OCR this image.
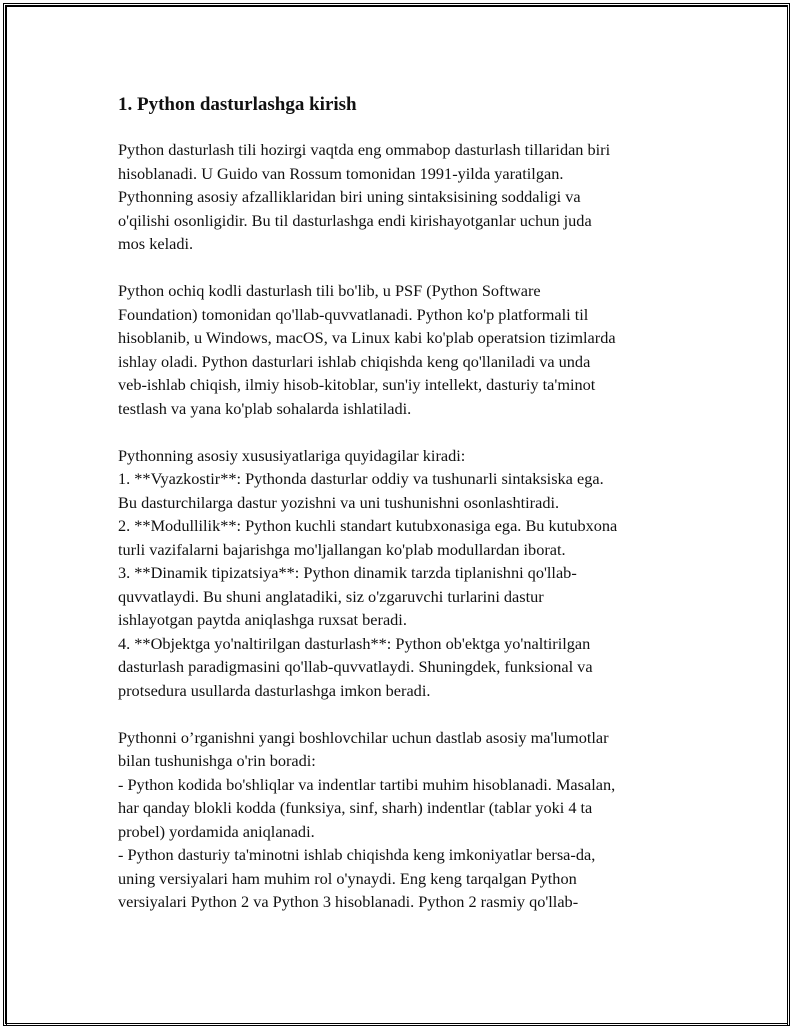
1. Python dasturlashga kirish
Python dasturlash tili hozirgi vaqtda eng ommabop dasturlash tillaridan biri
hisoblanadi. U Guido van Rossum tomonidan 1991-yilda yaratilgan.
Pythonning asosiy afzalliklaridan biri uning sintaksisining soddaligi va
o'qilishi osonligidir. Bu til dasturlashga endi kirishayotganlar uchun juda
mos keladi.
Python ochiq kodli dasturlash tili bo'lib, u PSF (Python Software
Foundation) tomonidan qo'llab-quvvatlanadi. Python ko'p platformali til
hisoblanib, u Windows, macOS, va Linux kabi ko'plab operatsion tizimlarda
ishlay oladi. Python dasturlari ishlab chiqishda keng qo'llaniladi va unda
veb-ishlab chiqish, ilmiy hisob-kitoblar, sun'iy intellekt, dasturiy ta'minot
testlash va yana ko'plab sohalarda ishlatiladi.
Pythonning asosiy xususiyatlariga quyidagilar kiradi:
1. **Vyazkostir**: Pythonda dasturlar oddiy va tushunarli sintaksiska ega.
Bu dasturchilarga dastur yozishni va uni tushunishni osonlashtiradi.
2. **Modullilik**: Python kuchli standart kutubxonasiga ega. Bu kutubxona
turli vazifalarni bajarishga mo'ljallangan ko'plab modullardan iborat.
3. **Dinamik tipizatsiya**: Python dinamik tarzda tiplanishni qo'llab-
quvvatlaydi. Bu shuni anglatadiki, siz o'zgaruvchi turlarini dastur
ishlayotgan paytda aniqlashga ruxsat beradi.
4. **Objektga yo'naltirilgan dasturlash**: Python ob'ektga yo'naltirilgan
dasturlash paradigmasini qo'llab-quvvatlaydi. Shuningdek, funksional va
protsedura usullarda dasturlashga imkon beradi.
Pythonni o’rganishni yangi boshlovchilar uchun dastlab asosiy ma'lumotlar
bilan tushunishga o'rin boradi:
- Python kodida bo'shliqlar va indentlar tartibi muhim hisoblanadi. Masalan,
har qanday blokli kodda (funksiya, sinf, sharh) indentlar (tablar yoki 4 ta
probel) yordamida aniqlanadi.
- Python dasturiy ta'minotni ishlab chiqishda keng imkoniyatlar bersa-da,
uning versiyalari ham muhim rol o'ynaydi. Eng keng tarqalgan Python
versiyalari Python 2 va Python 3 hisoblanadi. Python 2 rasmiy qo'llab-
